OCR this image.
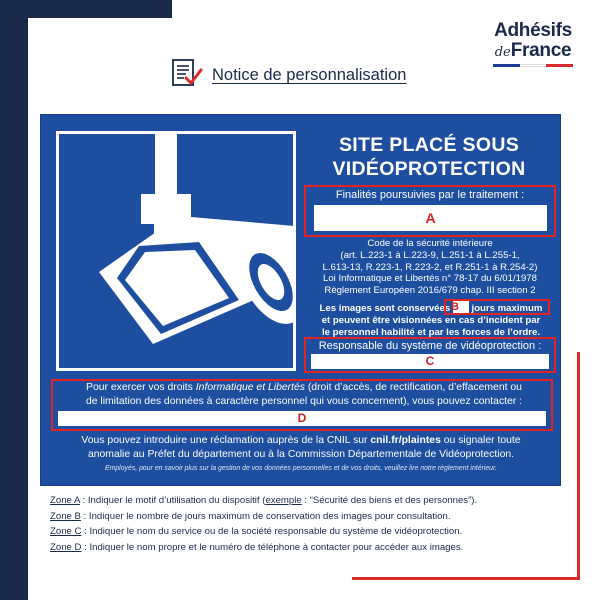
Adhésifs
deFrance
Notice de personnalisation
SITE PLACÉ SOUS
VIDÉOPROTECTION
Finalités poursuivies par le traitement :
A
Code de la sécurité intérieure
(art. L.223-1 à L.223-9, L.251-1 à L.255-1,
L.613-13, R.223-1, R.223-2, et R.251-1 à R.254-2)
Loi Informatique et Libertés n° 78-17 du 6/01/1978
Règlement Européen 2016/679 chap. III section 2
Les images sont conservées jours maximum
et peuvent être visionnées en cas d’incident par
le personnel habilité et par les forces de l’ordre.
B
Responsable du système de vidéoprotection :
C
Pour exercer vos droits Informatique et Libertés (droit d’accès, de rectification, d’effacement ou
de limitation des données à caractère personnel qui vous concernent), vous pouvez contacter :
D
Vous pouvez introduire une réclamation auprès de la CNIL sur cnil.fr/plaintes ou signaler toute
anomalie au Préfet du département ou à la Commission Départementale de Vidéoprotection.
Employés, pour en savoir plus sur la gestion de vos données personnelles et de vos droits, veuillez lire notre règlement intérieur.
Zone A : Indiquer le motif d’utilisation du dispositif (exemple : “Sécurité des biens et des personnes”).
Zone B : Indiquer le nombre de jours maximum de conservation des images pour consultation.
Zone C : Indiquer le nom du service ou de la société responsable du système de vidéoprotection.
Zone D : Indiquer le nom propre et le numéro de téléphone à contacter pour accéder aux images.
